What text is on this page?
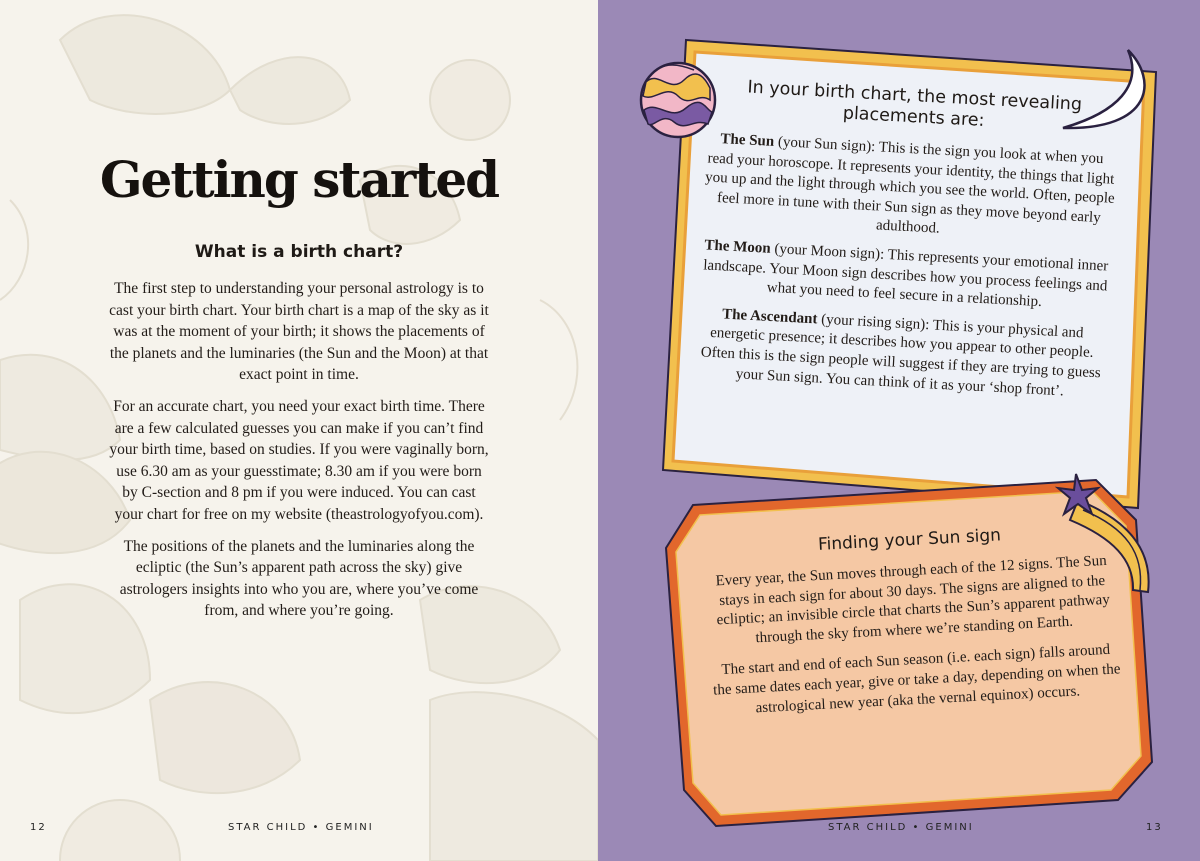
Getting started
What is a birth chart?

The first step to understanding your personal astrology is to cast your birth chart. Your birth chart is a map of the sky as it was at the moment of your birth; it shows the placements of the planets and the luminaries (the Sun and the Moon) at that exact point in time.

For an accurate chart, you need your exact birth time. There are a few calculated guesses you can make if you can’t find your birth time, based on studies. If you were vaginally born, use 6.30 am as your guesstimate; 8.30 am if you were born by C-section and 8 pm if you were induced. You can cast your chart for free on my website (theastrologyofyou.com).

The positions of the planets and the luminaries along the ecliptic (the Sun’s apparent path across the sky) give astrologers insights into who you are, where you’ve come from, and where you’re going.

12	STAR CHILD • GEMINI
In your birth chart, the most revealing placements are:

The Sun (your Sun sign): This is the sign you look at when you read your horoscope. It represents your identity, the things that light you up and the light through which you see the world. Often, people feel more in tune with their Sun sign as they move beyond early adulthood.

The Moon (your Moon sign): This represents your emotional inner landscape. Your Moon sign describes how you process feelings and what you need to feel secure in a relationship.

The Ascendant (your rising sign): This is your physical and energetic presence; it describes how you appear to other people. Often this is the sign people will suggest if they are trying to guess your Sun sign. You can think of it as your ‘shop front’.

Finding your Sun sign

Every year, the Sun moves through each of the 12 signs. The Sun stays in each sign for about 30 days. The signs are aligned to the ecliptic; an invisible circle that charts the Sun’s apparent pathway through the sky from where we’re standing on Earth.

The start and end of each Sun season (i.e. each sign) falls around the same dates each year, give or take a day, depending on when the astrological new year (aka the vernal equinox) occurs.

STAR CHILD • GEMINI	13
